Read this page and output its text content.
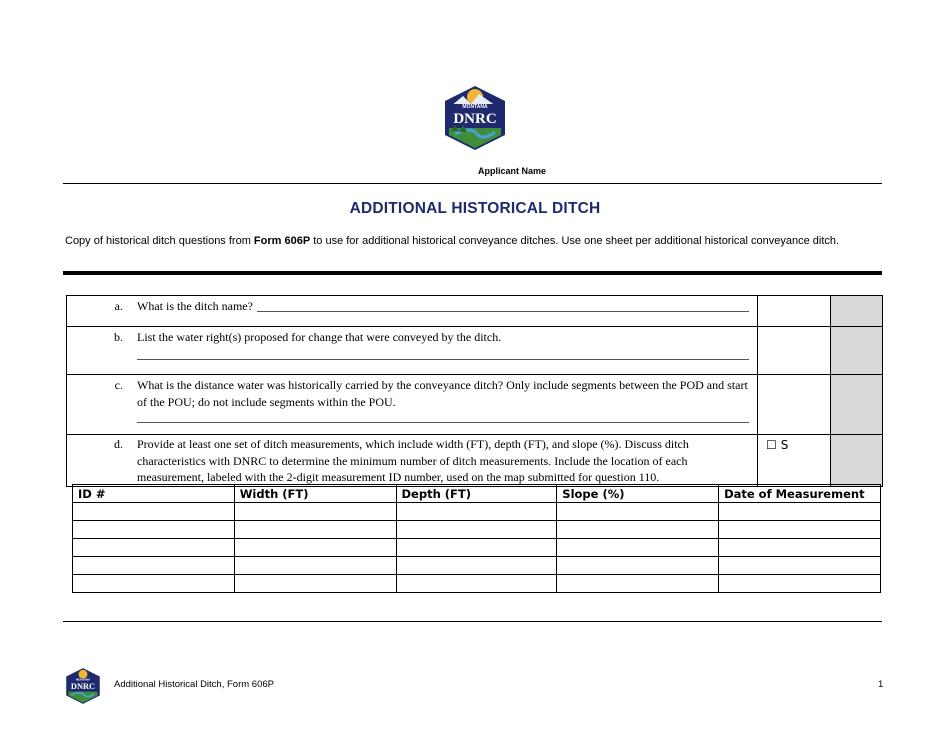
MONTANA
DNRC
Applicant Name
ADDITIONAL HISTORICAL DITCH
Copy of historical ditch questions from Form 606P to use for additional historical conveyance ditches. Use one sheet per additional historical conveyance ditch.
a. What is the ditch name?		

b. List the water right(s) proposed for change that were conveyed by the ditch.		

c. What is the distance water was historically carried by the conveyance ditch? Only include segments between the POD and start of the POU; do not include segments within the POU.		

d. Provide at least one set of ditch measurements, which include width (FT), depth (FT), and slope (%). Discuss ditch characteristics with DNRC to determine the minimum number of ditch measurements. Include the location of each measurement, labeled with the 2-digit measurement ID number, used on the map submitted for question 110.	☐ S	
ID #	Width (FT)	Depth (FT)	Slope (%)	Date of Measurement

MONTANA
DNRC Additional Historical Ditch, Form 606P	1
